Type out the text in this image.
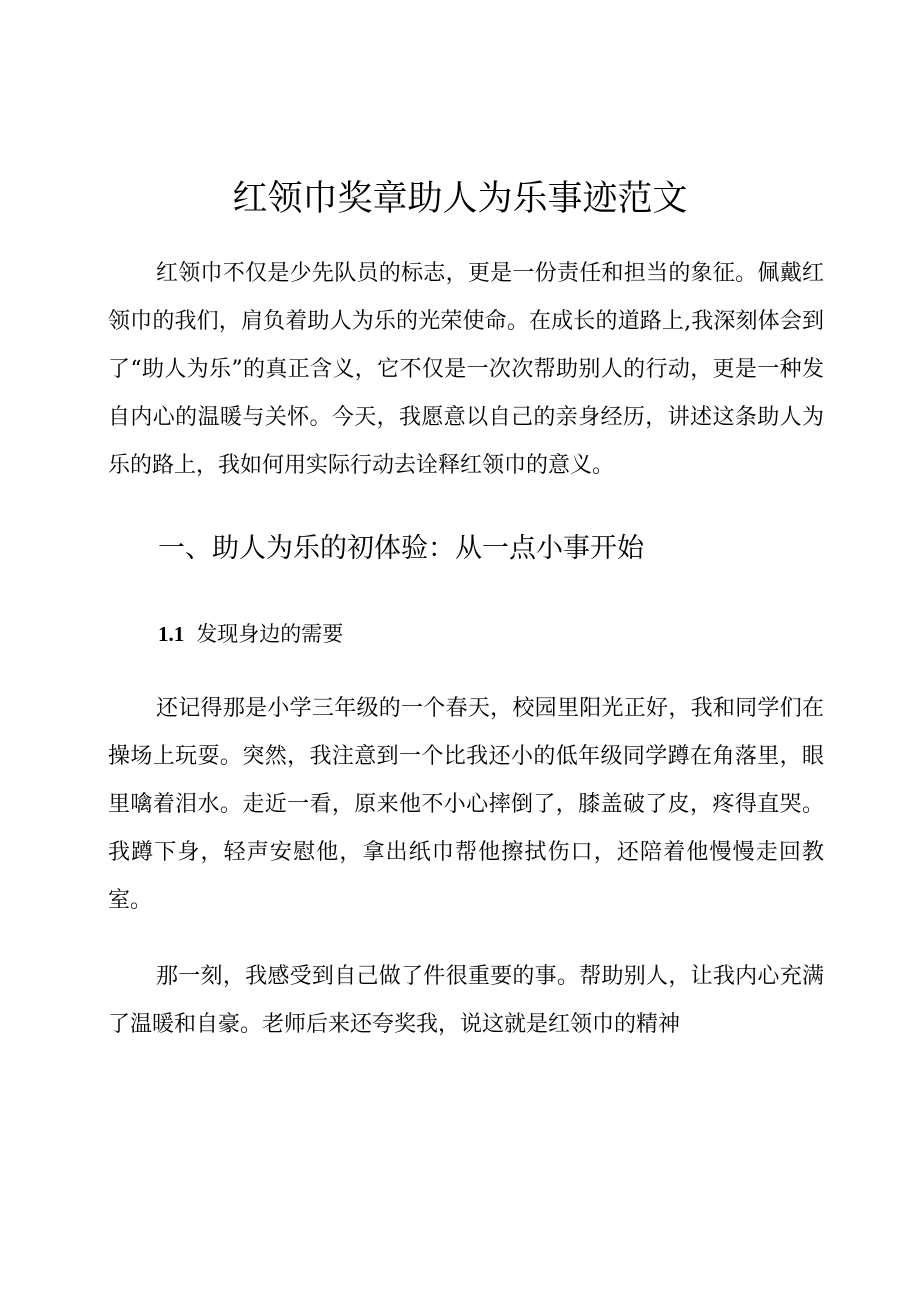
红领巾奖章助人为乐事迹范文

红领巾不仅是少先队员的标志，更是一份责任和担当的象征。佩戴红领巾的我们，肩负着助人为乐的光荣使命。在成长的道路上,我深刻体会到了“助人为乐”的真正含义，它不仅是一次次帮助别人的行动，更是一种发自内心的温暖与关怀。今天，我愿意以自己的亲身经历，讲述这条助人为乐的路上，我如何用实际行动去诠释红领巾的意义。

一、助人为乐的初体验：从一点小事开始
1.1 发现身边的需要

还记得那是小学三年级的一个春天，校园里阳光正好，我和同学们在操场上玩耍。突然，我注意到一个比我还小的低年级同学蹲在角落里，眼里噙着泪水。走近一看，原来他不小心摔倒了，膝盖破了皮，疼得直哭。我蹲下身，轻声安慰他，拿出纸巾帮他擦拭伤口，还陪着他慢慢走回教室。

那一刻，我感受到自己做了件很重要的事。帮助别人，让我内心充满了温暖和自豪。老师后来还夸奖我，说这就是红领巾的精神
